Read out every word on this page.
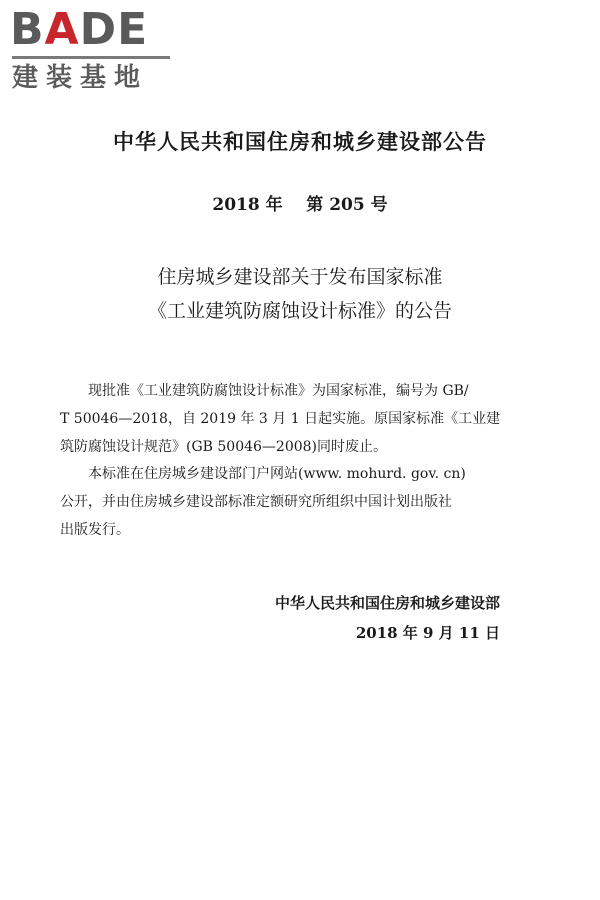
BADE
建装基地
中华人民共和国住房和城乡建设部公告
2018 年    第 205 号
住房城乡建设部关于发布国家标准
《工业建筑防腐蚀设计标准》的公告
　　现批准《工业建筑防腐蚀设计标准》为国家标准，编号为 GB/
T 50046—2018，自 2019 年 3 月 1 日起实施。原国家标准《工业建
筑防腐蚀设计规范》(GB 50046—2008)同时废止。
　　本标准在住房城乡建设部门户网站(www. mohurd. gov. cn)
公开，并由住房城乡建设部标准定额研究所组织中国计划出版社
出版发行。
中华人民共和国住房和城乡建设部
2018 年 9 月 11 日
